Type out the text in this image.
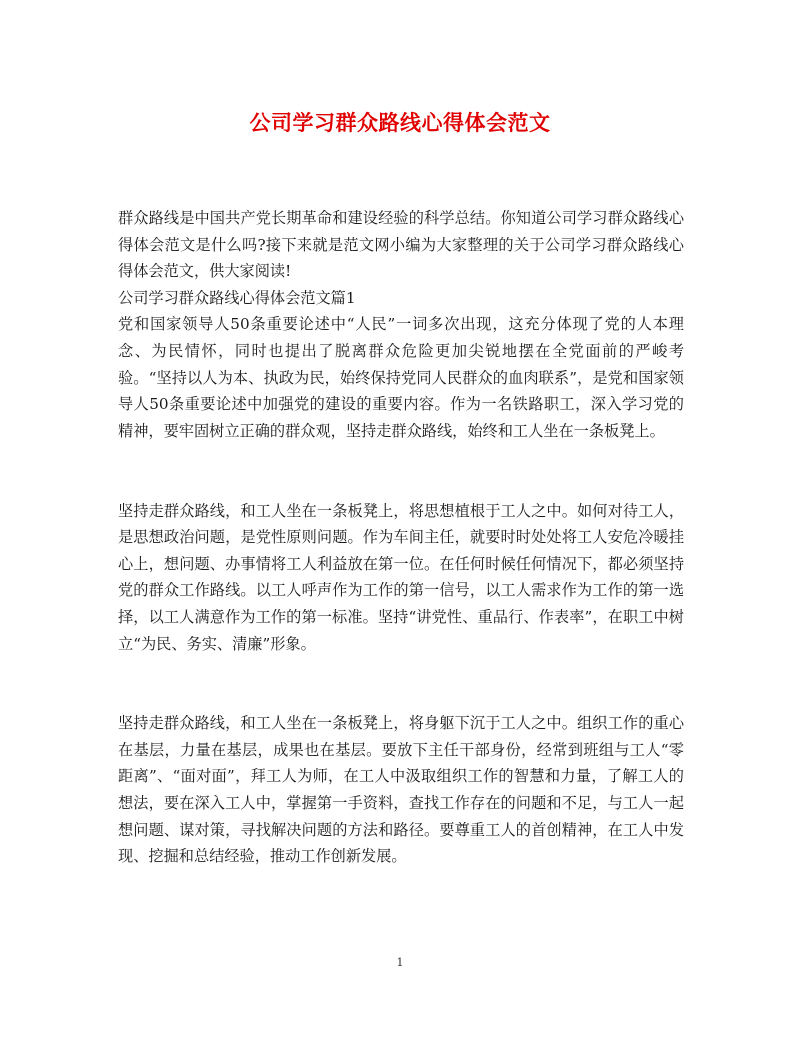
公司学习群众路线心得体会范文

群众路线是中国共产党长期革命和建设经验的科学总结。你知道公司学习群众路线心得体会范文是什么吗?接下来就是范文网小编为大家整理的关于公司学习群众路线心得体会范文，供大家阅读!

公司学习群众路线心得体会范文篇1

党和国家领导人50条重要论述中“人民”一词多次出现，这充分体现了党的人本理念、为民情怀，同时也提出了脱离群众危险更加尖锐地摆在全党面前的严峻考验。“坚持以人为本、执政为民，始终保持党同人民群众的血肉联系”，是党和国家领导人50条重要论述中加强党的建设的重要内容。作为一名铁路职工，深入学习党的精神，要牢固树立正确的群众观，坚持走群众路线，始终和工人坐在一条板凳上。

坚持走群众路线，和工人坐在一条板凳上，将思想植根于工人之中。如何对待工人，是思想政治问题，是党性原则问题。作为车间主任，就要时时处处将工人安危冷暖挂心上，想问题、办事情将工人利益放在第一位。在任何时候任何情况下，都必须坚持党的群众工作路线。以工人呼声作为工作的第一信号，以工人需求作为工作的第一选择，以工人满意作为工作的第一标准。坚持“讲党性、重品行、作表率”，在职工中树立“为民、务实、清廉”形象。

坚持走群众路线，和工人坐在一条板凳上，将身躯下沉于工人之中。组织工作的重心在基层，力量在基层，成果也在基层。要放下主任干部身份，经常到班组与工人“零距离”、“面对面”，拜工人为师，在工人中汲取组织工作的智慧和力量，了解工人的想法，要在深入工人中，掌握第一手资料，查找工作存在的问题和不足，与工人一起想问题、谋对策，寻找解决问题的方法和路径。要尊重工人的首创精神，在工人中发现、挖掘和总结经验，推动工作创新发展。

1
